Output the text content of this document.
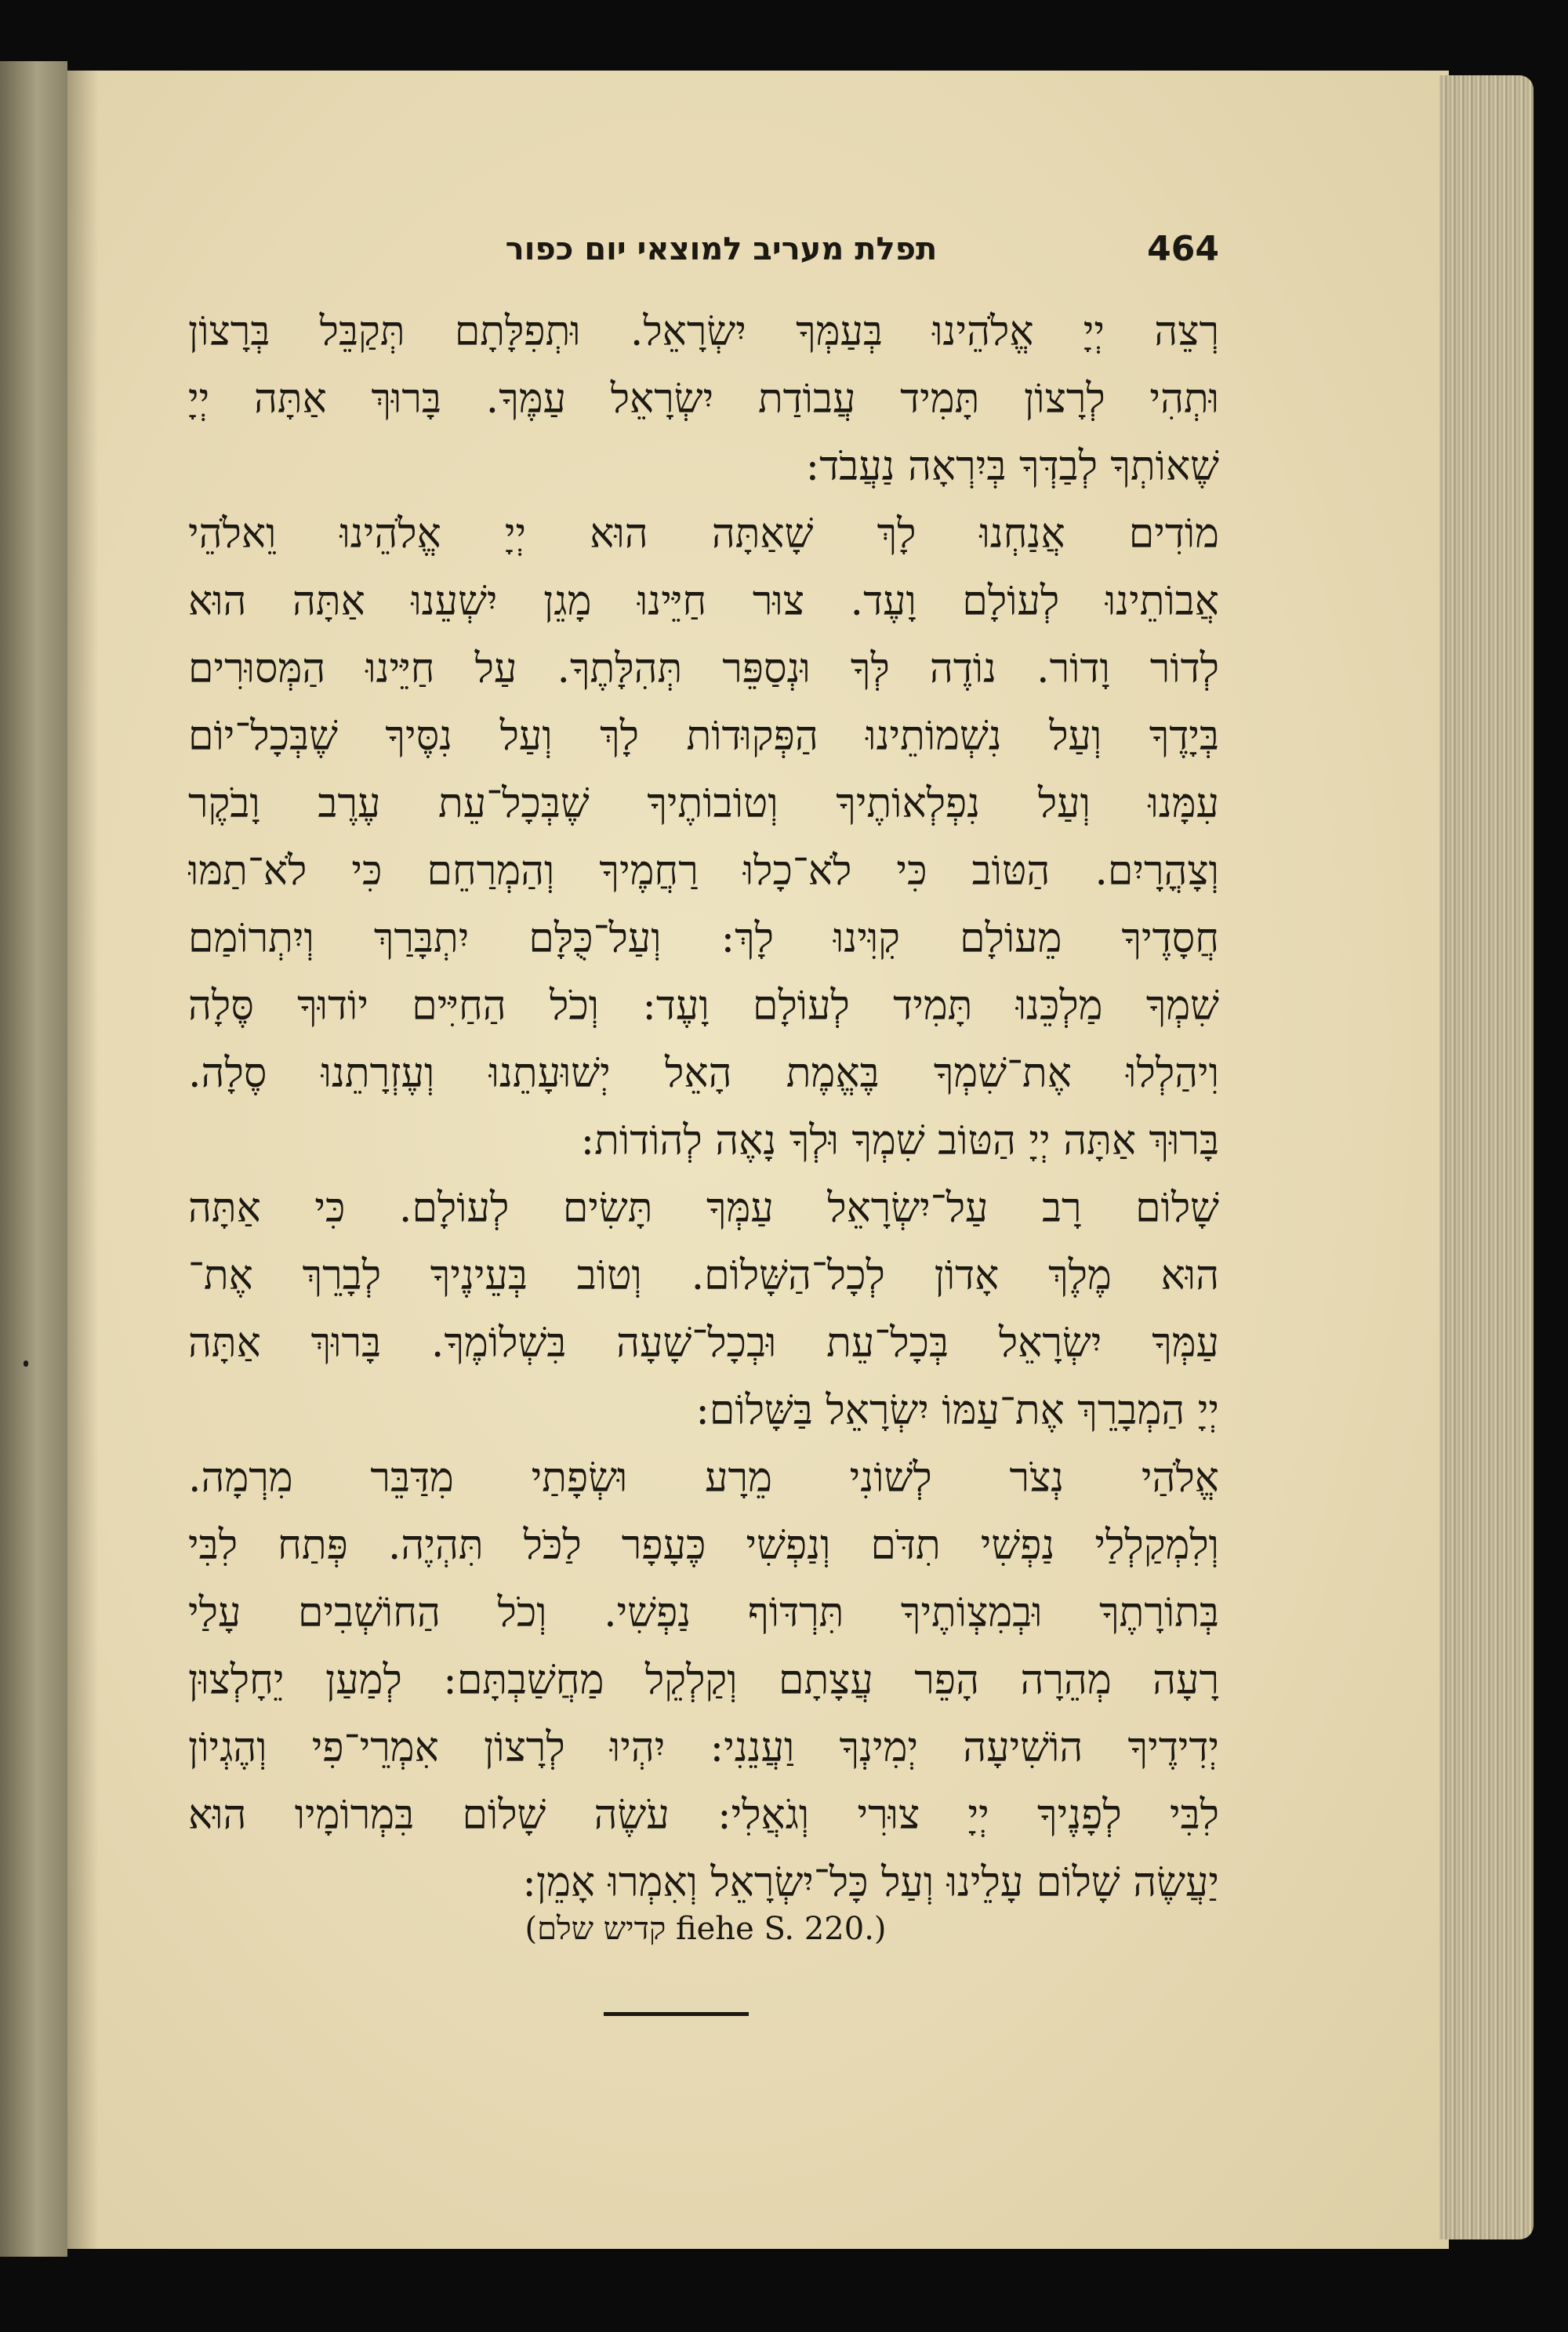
תפלת מעריב למוצאי יום כפור	464
רְצֵה יְיָ אֱלֹהֵינוּ בְּעַמְּךָ יִשְׂרָאֵל. וּתְפִלָּתָם תְּקַבֵּל בְּרָצוֹן
וּתְהִי לְרָצוֹן תָּמִיד עֲבוֹדַת יִשְׂרָאֵל עַמֶּךָ. בָּרוּךְ אַתָּה יְיָ
שֶׁאוֹתְךָ לְבַדְּךָ בְּיִרְאָה נַעֲבֹד:
מוֹדִים אֲנַחְנוּ לָךְ שָׁאַתָּה הוּא יְיָ אֱלֹהֵינוּ וֵאלֹהֵי
אֲבוֹתֵינוּ לְעוֹלָם וָעֶד. צוּר חַיֵּינוּ מָגֵן יִשְׁעֵנוּ אַתָּה הוּא
לְדוֹר וָדוֹר. נוֹדֶה לְּךָ וּנְסַפֵּר תְּהִלָּתֶךָ. עַל חַיֵּינוּ הַמְּסוּרִים
בְּיָדֶךָ וְעַל נִשְׁמוֹתֵינוּ הַפְּקוּדוֹת לָךְ וְעַל נִסֶּיךָ שֶׁבְּכָל־יוֹם
עִמָּנוּ וְעַל נִפְלְאוֹתֶיךָ וְטוֹבוֹתֶיךָ שֶׁבְּכָל־עֵת עֶרֶב וָבֹקֶר
וְצָהֳרָיִם. הַטּוֹב כִּי לֹא־כָלוּ רַחֲמֶיךָ וְהַמְרַחֵם כִּי לֹא־תַמּוּ
חֲסָדֶיךָ מֵעוֹלָם קִוִּינוּ לָךְ: וְעַל־כֻּלָּם יִתְבָּרַךְ וְיִתְרוֹמַם
שִׁמְךָ מַלְכֵּנוּ תָּמִיד לְעוֹלָם וָעֶד: וְכֹל הַחַיִּים יוֹדוּךָ סֶּלָה
וִיהַלְלוּ אֶת־שִׁמְךָ בֶּאֱמֶת הָאֵל יְשׁוּעָתֵנוּ וְעֶזְרָתֵנוּ סֶלָה.
בָּרוּךְ אַתָּה יְיָ הַטּוֹב שִׁמְךָ וּלְךָ נָאֶה לְהוֹדוֹת:
שָׁלוֹם רָב עַל־יִשְׂרָאֵל עַמְּךָ תָּשִׂים לְעוֹלָם. כִּי אַתָּה
הוּא מֶלֶךְ אָדוֹן לְכָל־הַשָּׁלוֹם. וְטוֹב בְּעֵינֶיךָ לְבָרֵךְ אֶת־
עַמְּךָ יִשְׂרָאֵל בְּכָל־עֵת וּבְכָל־שָׁעָה בִּשְׁלוֹמֶךָ. בָּרוּךְ אַתָּה
יְיָ הַמְבָרֵךְ אֶת־עַמּוֹ יִשְׂרָאֵל בַּשָּׁלוֹם:
אֱלֹהַי נְצֹר לְשׁוֹנִי מֵרָע וּשְׂפָתַי מִדַּבֵּר מִרְמָה.
וְלִמְקַלְלַי נַפְשִׁי תִדֹּם וְנַפְשִׁי כֶּעָפָר לַכֹּל תִּהְיֶה. פְּתַח לִבִּי
בְּתוֹרָתֶךָ וּבְמִצְוֹתֶיךָ תִּרְדּוֹף נַפְשִׁי. וְכֹל הַחוֹשְׁבִים עָלַי
רָעָה מְהֵרָה הָפֵר עֲצָתָם וְקַלְקֵל מַחֲשַׁבְתָּם: לְמַעַן יֵחָלְצוּן
יְדִידֶיךָ הוֹשִׁיעָה יְמִינְךָ וַעֲנֵנִי: יִהְיוּ לְרָצוֹן אִמְרֵי־פִי וְהֶגְיוֹן
לִבִּי לְפָנֶיךָ יְיָ צוּרִי וְגֹאֲלִי: עֹשֶׂה שָׁלוֹם בִּמְרוֹמָיו הוּא
יַעֲשֶׂה שָׁלוֹם עָלֵינוּ וְעַל כָּל־יִשְׂרָאֵל וְאִמְרוּ אָמֵן:
(קדיש שלם fiehe S. 220.)
